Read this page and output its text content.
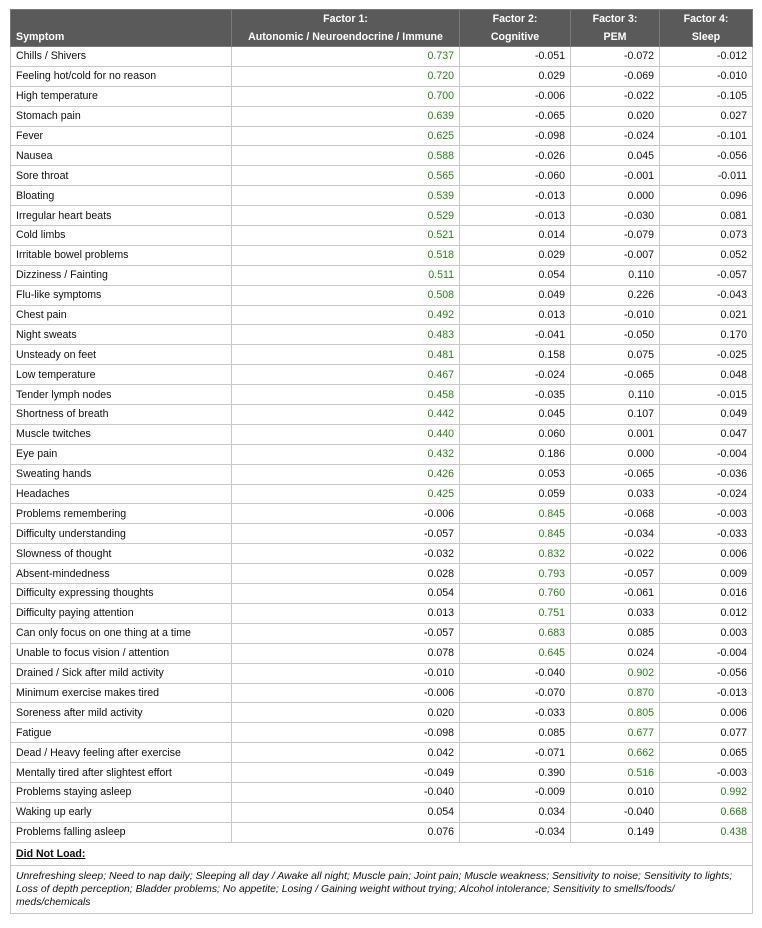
	Factor 1:	Factor 2:	Factor 3:	Factor 4:
Symptom	Autonomic / Neuroendocrine / Immune	Cognitive	PEM	Sleep
Chills / Shivers	0.737	-0.051	-0.072	-0.012
Feeling hot/cold for no reason	0.720	0.029	-0.069	-0.010
High temperature	0.700	-0.006	-0.022	-0.105
Stomach pain	0.639	-0.065	0.020	0.027
Fever	0.625	-0.098	-0.024	-0.101
Nausea	0.588	-0.026	0.045	-0.056
Sore throat	0.565	-0.060	-0.001	-0.011
Bloating	0.539	-0.013	0.000	0.096
Irregular heart beats	0.529	-0.013	-0.030	0.081
Cold limbs	0.521	0.014	-0.079	0.073
Irritable bowel problems	0.518	0.029	-0.007	0.052
Dizziness / Fainting	0.511	0.054	0.110	-0.057
Flu-like symptoms	0.508	0.049	0.226	-0.043
Chest pain	0.492	0.013	-0.010	0.021
Night sweats	0.483	-0.041	-0.050	0.170
Unsteady on feet	0.481	0.158	0.075	-0.025
Low temperature	0.467	-0.024	-0.065	0.048
Tender lymph nodes	0.458	-0.035	0.110	-0.015
Shortness of breath	0.442	0.045	0.107	0.049
Muscle twitches	0.440	0.060	0.001	0.047
Eye pain	0.432	0.186	0.000	-0.004
Sweating hands	0.426	0.053	-0.065	-0.036
Headaches	0.425	0.059	0.033	-0.024
Problems remembering	-0.006	0.845	-0.068	-0.003
Difficulty understanding	-0.057	0.845	-0.034	-0.033
Slowness of thought	-0.032	0.832	-0.022	0.006
Absent-mindedness	0.028	0.793	-0.057	0.009
Difficulty expressing thoughts	0.054	0.760	-0.061	0.016
Difficulty paying attention	0.013	0.751	0.033	0.012
Can only focus on one thing at a time	-0.057	0.683	0.085	0.003
Unable to focus vision / attention	0.078	0.645	0.024	-0.004
Drained / Sick after mild activity	-0.010	-0.040	0.902	-0.056
Minimum exercise makes tired	-0.006	-0.070	0.870	-0.013
Soreness after mild activity	0.020	-0.033	0.805	0.006
Fatigue	-0.098	0.085	0.677	0.077
Dead / Heavy feeling after exercise	0.042	-0.071	0.662	0.065
Mentally tired after slightest effort	-0.049	0.390	0.516	-0.003
Problems staying asleep	-0.040	-0.009	0.010	0.992
Waking up early	0.054	0.034	-0.040	0.668
Problems falling asleep	0.076	-0.034	0.149	0.438
Did Not Load:				
Unrefreshing sleep; Need to nap daily; Sleeping all day / Awake all night; Muscle pain; Joint pain; Muscle weakness; Sensitivity to noise; Sensitivity to lights; Loss of depth perception; Bladder problems; No appetite; Losing / Gaining weight without trying; Alcohol intolerance; Sensitivity to smells/foods/ meds/chemicals				
